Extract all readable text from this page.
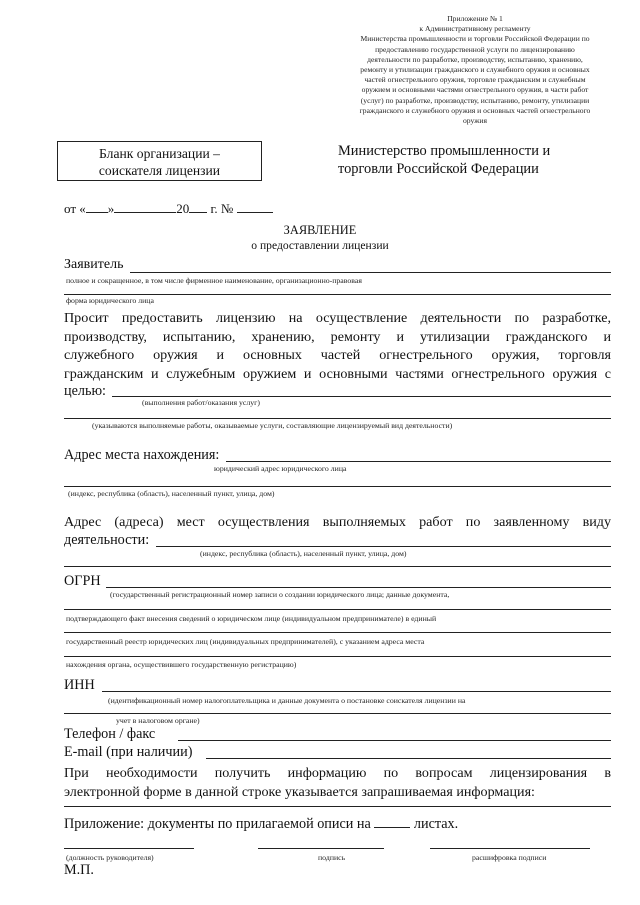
Приложение № 1
к Административному регламенту
Министерства промышленности и торговли Российской Федерации по
предоставлению государственной услуги по лицензированию
деятельности по разработке, производству, испытанию, хранению,
ремонту и утилизации гражданского и служебного оружия и основных
частей огнестрельного оружия, торговле гражданским и служебным
оружием и основными частями огнестрельного оружия, в части работ
(услуг) по разработке, производству, испытанию, ремонту, утилизации
гражданского и служебного оружия и основных частей огнестрельного
оружия
Бланк организации –
соискателя лицензии
Министерство промышленности и
торговли Российской Федерации
от « »	20 г. №
ЗАЯВЛЕНИЕ
о предоставлении лицензии
Заявитель
полное и сокращенное, в том числе фирменное наименование, организационно-правовая
форма юридического лица
Просит предоставить лицензию на осуществление деятельности по разработке,
производству, испытанию, хранению, ремонту и утилизации гражданского и
служебного оружия и основных частей огнестрельного оружия, торговля
гражданским и служебным оружием и основными частями огнестрельного оружия с
целью:
(выполнения работ/оказания услуг)
(указываются выполняемые работы, оказываемые услуги, составляющие лицензируемый вид деятельности)
Адрес места нахождения:
юридический адрес юридического лица
(индекс, республика (область), населенный пункт, улица, дом)
Адрес (адреса) мест осуществления выполняемых работ по заявленному виду
деятельности:
(индекс, республика (область), населенный пункт, улица, дом)
ОГРН
(государственный регистрационный номер записи о создании юридического лица; данные документа,
подтверждающего факт внесения сведений о юридическом лице (индивидуальном предпринимателе) в единый
государственный реестр юридических лиц (индивидуальных предпринимателей), с указанием адреса места
нахождения органа, осуществившего государственную регистрацию)
ИНН
(идентификационный номер налогоплательщика и данные документа о постановке соискателя лицензии на
учет в налоговом органе)
Телефон / факс
E-mail (при наличии)
При необходимости получить информацию по вопросам лицензирования в
электронной форме в данной строке указывается запрашиваемая информация:
Приложение: документы по прилагаемой описи на	листах.
(должность руководителя)	подпись	расшифровка подписи
М.П.
